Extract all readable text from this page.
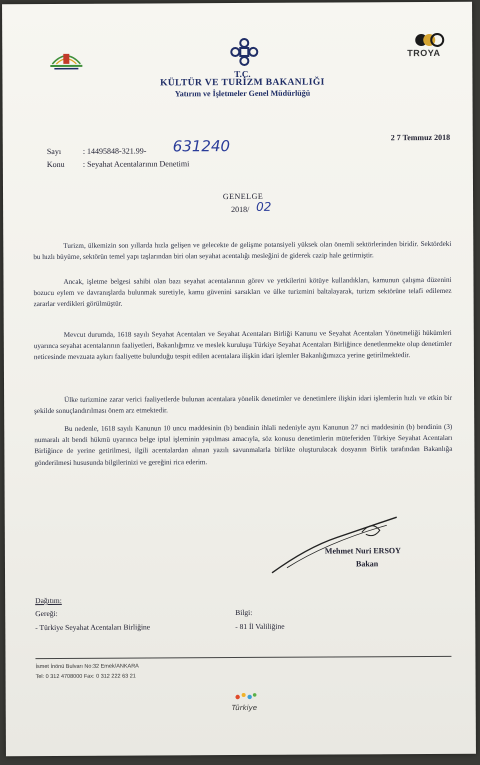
TROYA
T.C.
KÜLTÜR VE TURİZM BAKANLIĞI
Yatırım ve İşletmeler Genel Müdürlüğü
Sayı	: 14495848-321.99- 631240
Konu : Seyahat Acentalarının Denetimi
2 7 Temmuz 2018
GENELGE
2018/ 02
Turizm, ülkemizin son yıllarda hızla gelişen ve gelecekte de gelişme potansiyeli yüksek olan önemli sektörlerinden biridir. Sektördeki bu hızlı büyüme, sektörün temel yapı taşlarından biri olan seyahat acentalığı mesleğini de giderek cazip hale getirmiştir.
Ancak, işletme belgesi sahibi olan bazı seyahat acentalarının görev ve yetkilerini kötüye kullandıkları, kamunun çalışma düzenini bozucu eylem ve davranışlarda bulunmak suretiyle, kamu güvenini sarsıkları ve ülke turizmini baltalayarak, turizm sektörüne telafi edilemez zararlar verdikleri görülmüştür.
Mevcut durumda, 1618 sayılı Seyahat Acentaları ve Seyahat Acentaları Birliği Kanunu ve Seyahat Acentaları Yönetmeliği hükümleri uyarınca seyahat acentalarının faaliyetleri, Bakanlığımız ve meslek kuruluşu Türkiye Seyahat Acentaları Birliğince denetlenmekte olup denetimler neticesinde mevzuata aykırı faaliyette bulunduğu tespit edilen acentalara ilişkin idari işlemler Bakanlığımızca yerine getirilmektedir.
Ülke turizmine zarar verici faaliyetlerde bulunan acentalara yönelik denetimler ve denetimlere ilişkin idari işlemlerin hızlı ve etkin bir şekilde sonuçlandırılması önem arz etmektedir.
Bu nedenle, 1618 sayılı Kanunun 10 uncu maddesinin (b) bendinin ihlali nedeniyle aynı Kanunun 27 nci maddesinin (b) bendinin (3) numaralı alt bendi hükmü uyarınca belge iptal işleminin yapılması amacıyla, söz konusu denetimlerin müteferiden Türkiye Seyahat Acentaları Birliğince de yerine getirilmesi, ilgili acentalardan alınan yazılı savunmalarla birlikte oluşturulacak dosyanın Birlik tarafından Bakanlığa gönderilmesi hususunda bilgilerinizi ve gereğini rica ederim.
Mehmet Nuri ERSOY
Bakan
Dağıtım:
Gereği:
- Türkiye Seyahat Acentaları Birliğine
Bilgi:
- 81 İl Valiliğine
İsmet İnönü Bulvarı No:32 Emek/ANKARA
Tel: 0 312 4708000 Fax: 0 312 222 63 21
Türkiye
